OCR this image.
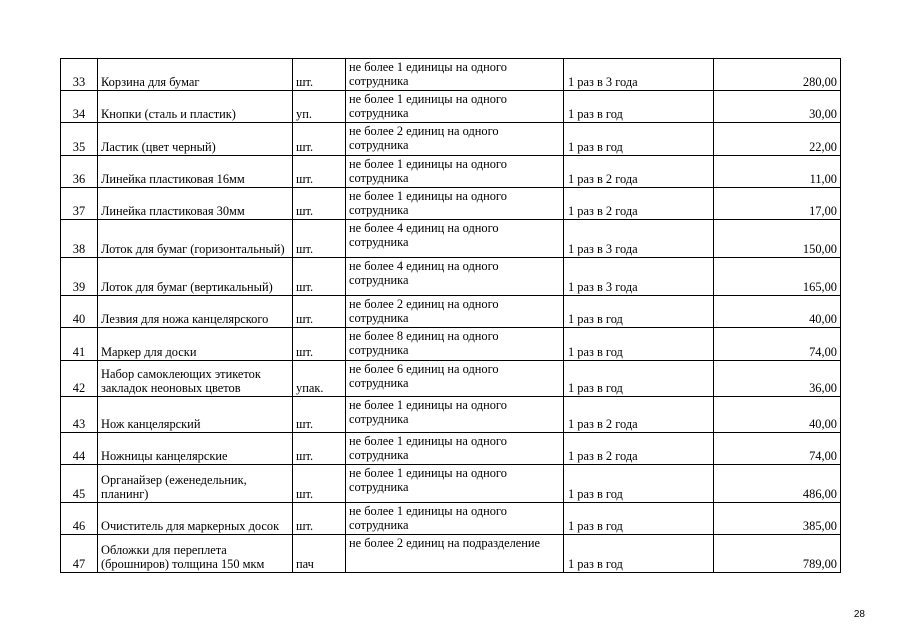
33	Корзина для бумаг	шт.	не более 1 единицы на одного сотрудника	1 раз в 3 года	280,00
34	Кнопки (сталь и пластик)	уп.	не более 1 единицы на одного сотрудника	1 раз в год	30,00
35	Ластик (цвет черный)	шт.	не более 2 единиц на одного сотрудника	1 раз в год	22,00
36	Линейка пластиковая 16мм	шт.	не более 1 единицы на одного сотрудника	1 раз в 2 года	11,00
37	Линейка пластиковая 30мм	шт.	не более 1 единицы на одного сотрудника	1 раз в 2 года	17,00
38	Лоток для бумаг (горизонтальный)	шт.	не более 4 единиц на одного сотрудника	1 раз в 3 года	150,00
39	Лоток для бумаг (вертикальный)	шт.	не более 4 единиц на одного сотрудника	1 раз в 3 года	165,00
40	Лезвия для ножа канцелярского	шт.	не более 2 единиц на одного сотрудника	1 раз в год	40,00
41	Маркер для доски	шт.	не более 8 единиц на одного сотрудника	1 раз в год	74,00
42	Набор самоклеющих этикеток закладок неоновых цветов	упак.	не более 6 единиц на одного сотрудника	1 раз в год	36,00
43	Нож канцелярский	шт.	не более 1 единицы на одного сотрудника	1 раз в 2 года	40,00
44	Ножницы канцелярские	шт.	не более 1 единицы на одного сотрудника	1 раз в 2 года	74,00
45	Органайзер (еженедельник, планинг)	шт.	не более 1 единицы на одного сотрудника	1 раз в год	486,00
46	Очиститель для маркерных досок	шт.	не более 1 единицы на одного сотрудника	1 раз в год	385,00
47	Обложки для переплета (брошниров) толщина 150 мкм	пач	не более 2 единиц на подразделение	1 раз в год	789,00
28
